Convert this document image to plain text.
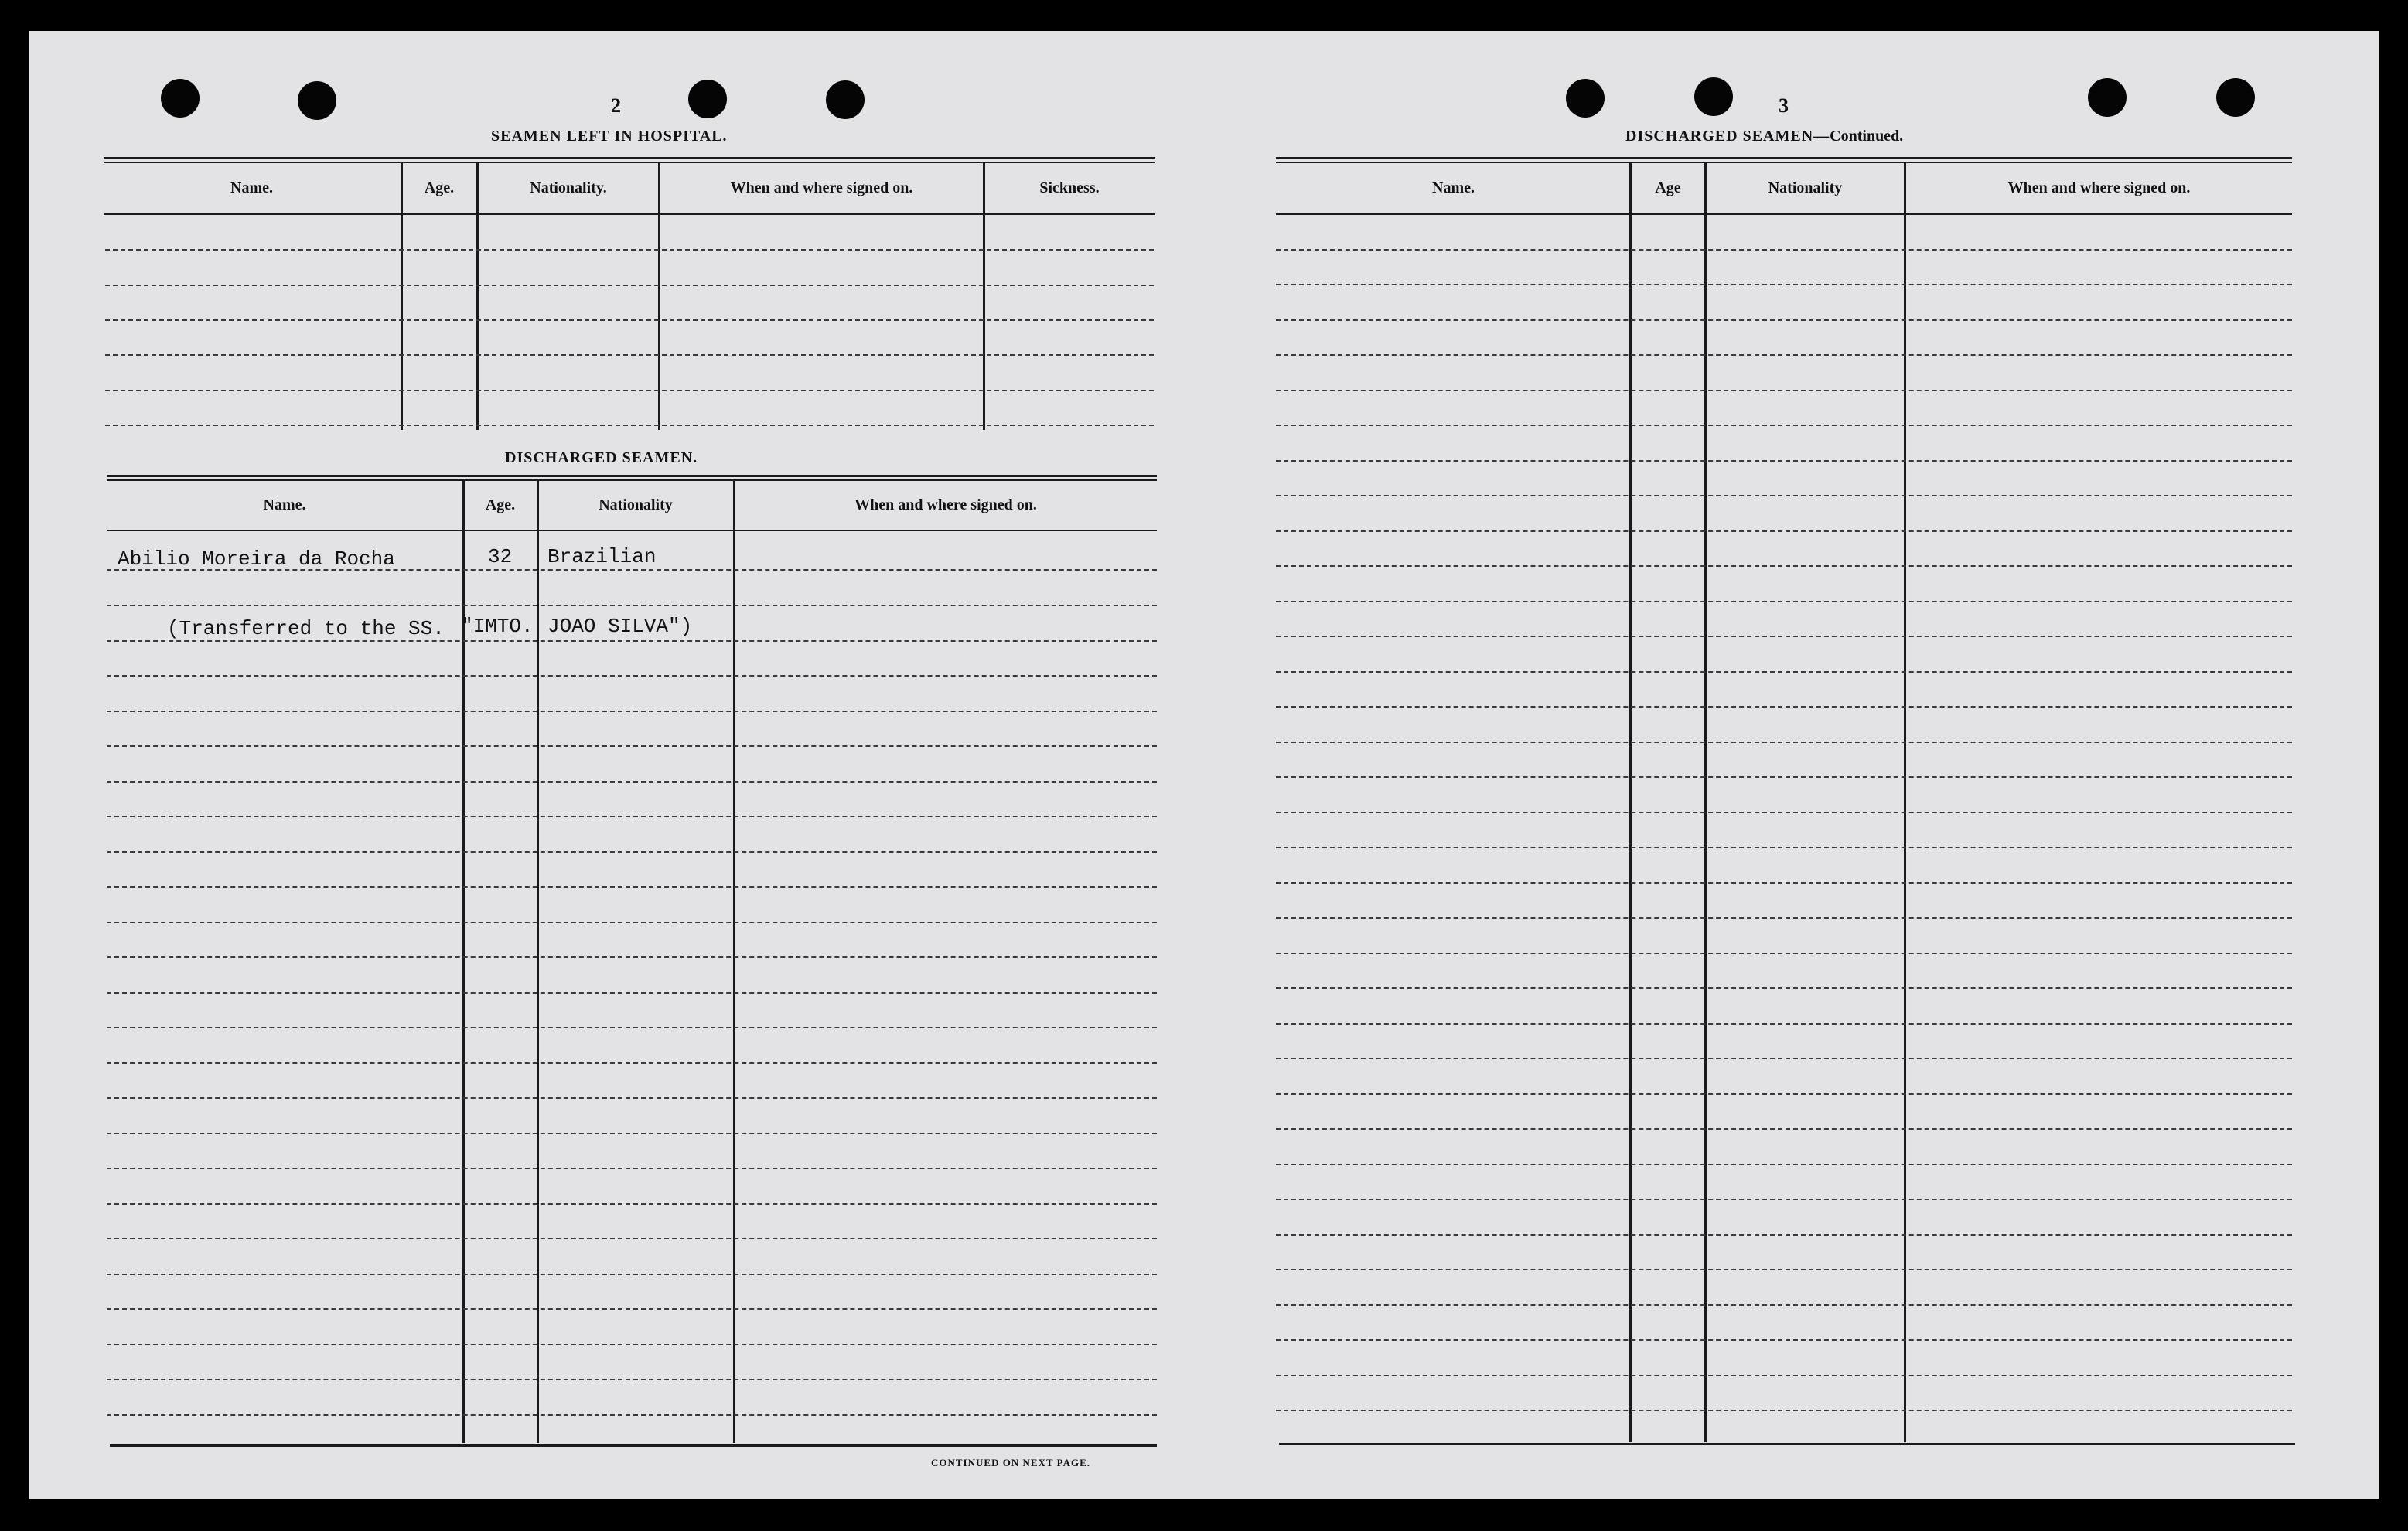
2
SEAMEN LEFT IN HOSPITAL.
Name.	Age.	Nationality.	When and where signed on.	Sickness.
DISCHARGED SEAMEN.
Name.	Age.	Nationality	When and where signed on.
Abilio Moreira da Rocha	32 Brazilian
(Transferred to the SS. "IMTO. JOAO SILVA")
CONTINUED ON NEXT PAGE.
3
DISCHARGED SEAMEN—Continued.
Name.	Age	Nationality	When and where signed on.
